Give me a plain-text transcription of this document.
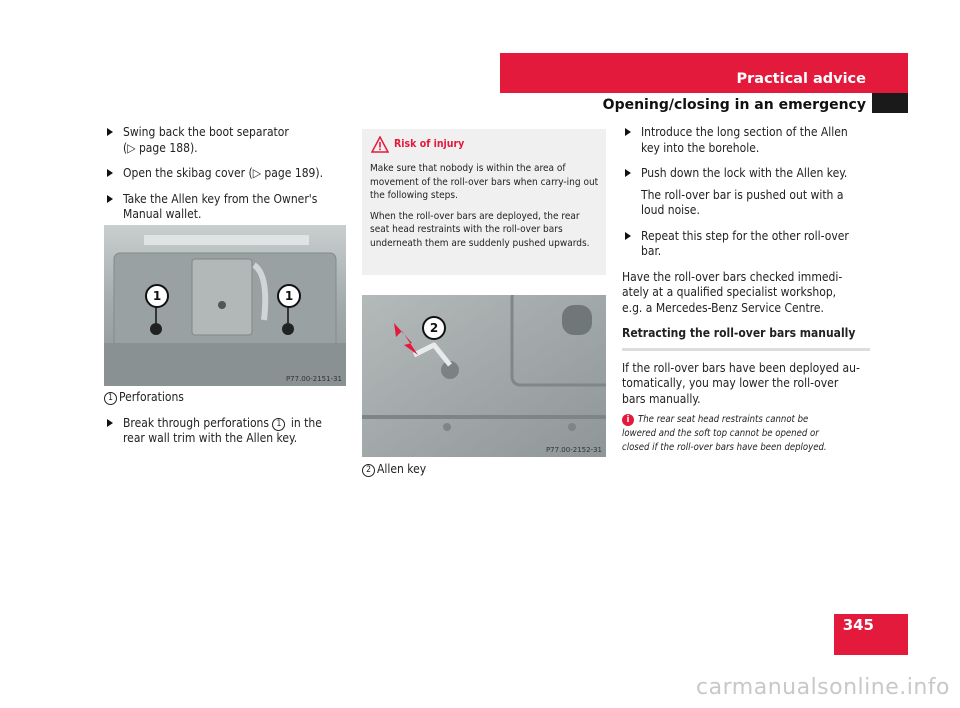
Practical advice
Opening/closing in an emergency

Swing back the boot separator

(▷ page 188).

Open the skibag cover (▷ page 189).

Take the Allen key from the Owner's

Manual wallet.

1	1
P77.00-2151-31

1 Perforations

Break through perforations 1 in the

rear wall trim with the Allen key.

Risk of injury

Make sure that nobody is within the area of movement of the roll-over bars when carry-ing out the following steps.

When the roll-over bars are deployed, the rear seat head restraints with the roll-over bars underneath them are suddenly pushed upwards.

2
P77.00-2152-31

2 Allen key

Introduce the long section of the Allen

key into the borehole.

Push down the lock with the Allen key.

The roll-over bar is pushed out with a

loud noise.

Repeat this step for the other roll-over

bar.

Have the roll-over bars checked immedi-

ately at a qualified specialist workshop,

e.g. a Mercedes-Benz Service Centre.

Retracting the roll-over bars manually

If the roll-over bars have been deployed au-

tomatically, you may lower the roll-over

bars manually.

i The rear seat head restraints cannot be

lowered and the soft top cannot be opened or

closed if the roll-over bars have been deployed.

345
carmanualsonline.info
